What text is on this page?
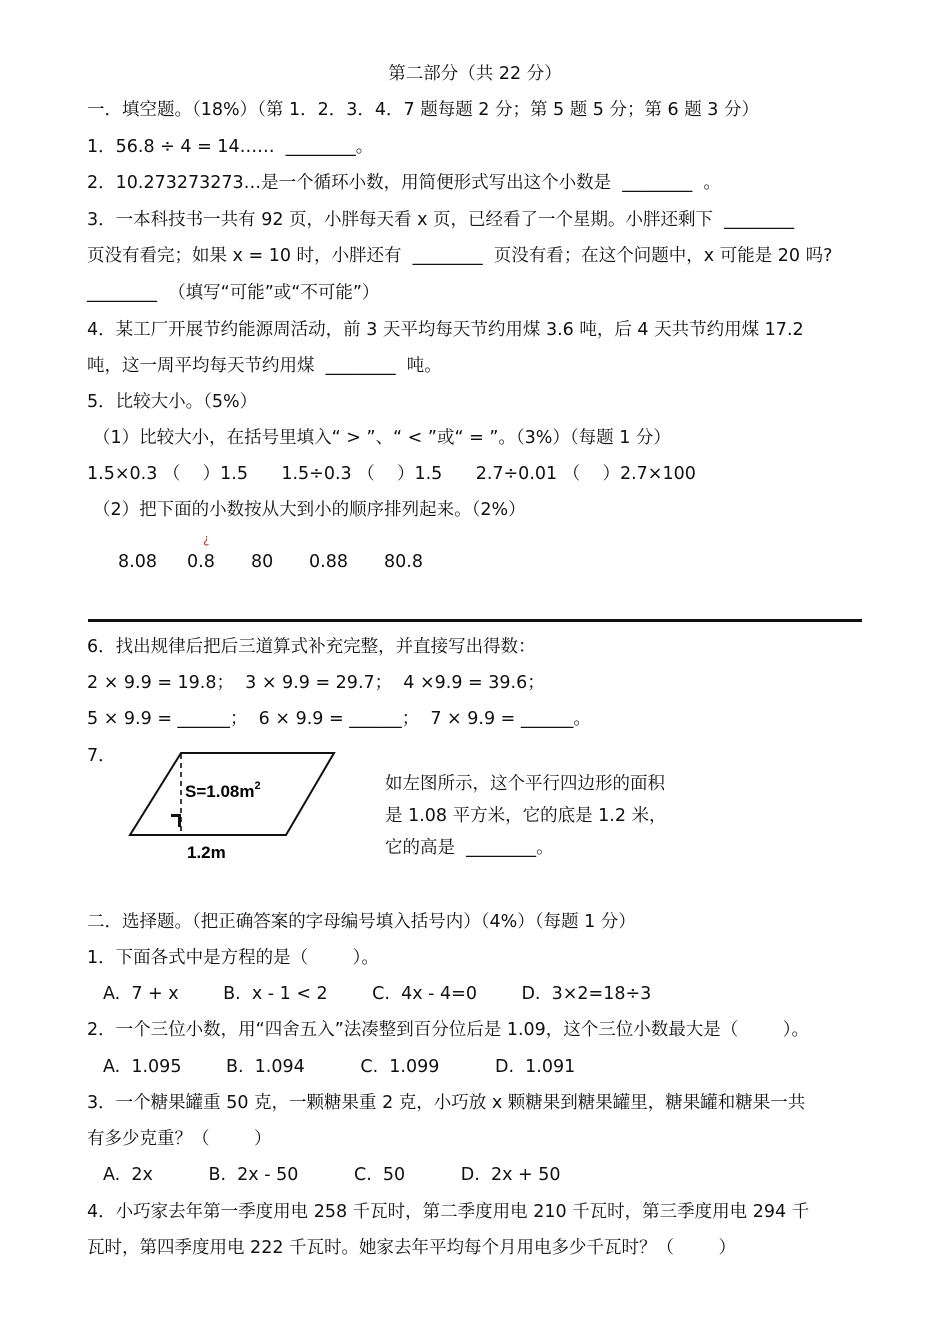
第二部分（共 22 分）
一．填空题。（18%）（第 1．2．3．4．7 题每题 2 分；第 5 题 5 分；第 6 题 3 分）
1．56.8 ÷ 4 = 14……  ________。
2．10.273273273…是一个循环小数，用简便形式写出这个小数是  ________  。
3．一本科技书一共有 92 页，小胖每天看 x 页，已经看了一个星期。小胖还剩下  ________
页没有看完；如果 x = 10 时，小胖还有  ________  页没有看；在这个问题中，x 可能是 20 吗?
________  （填写“可能”或“不可能”）
4．某工厂开展节约能源周活动，前 3 天平均每天节约用煤 3.6 吨，后 4 天共节约用煤 17.2
吨，这一周平均每天节约用煤  ________  吨。
5．比较大小。（5%）
（1）比较大小，在括号里填入“ > ”、“ < ”或“ = ”。（3%）（每题 1 分）
1.5×0.3 （    ）1.5      1.5÷0.3 （    ）1.5      2.7÷0.01 （    ）2.7×100
（2）把下面的小数按从大到小的顺序排列起来。（2%）
8.08 0.8
¿
80 0.88 80.8
6．找出规律后把后三道算式补充完整，并直接写出得数：
2 × 9.9 = 19.8；  3 × 9.9 = 29.7；  4 ×9.9 = 39.6；
5 × 9.9 = ______；  6 × 9.9 = ______；  7 × 9.9 = ______。
7．
$S=1.08m^2$
1.2m
如左图所示，这个平行四边形的面积
是 1.08 平方米，它的底是 1.2 米，
它的高是  ________。
二．选择题。（把正确答案的字母编号填入括号内）（4%）（每题 1 分）
1．下面各式中是方程的是（        ）。
A.  7 + x        B.  x - 1 < 2        C.  4x - 4=0        D.  3×2=18÷3
2．一个三位小数，用“四舍五入”法凑整到百分位后是 1.09，这个三位小数最大是（        ）。
A.  1.095        B.  1.094          C.  1.099          D.  1.091
3．一个糖果罐重 50 克，一颗糖果重 2 克，小巧放 x 颗糖果到糖果罐里，糖果罐和糖果一共
有多少克重？（        ）
A.  2x          B.  2x - 50          C.  50          D.  2x + 50
4．小巧家去年第一季度用电 258 千瓦时，第二季度用电 210 千瓦时，第三季度用电 294 千
瓦时，第四季度用电 222 千瓦时。她家去年平均每个月用电多少千瓦时？（        ）
